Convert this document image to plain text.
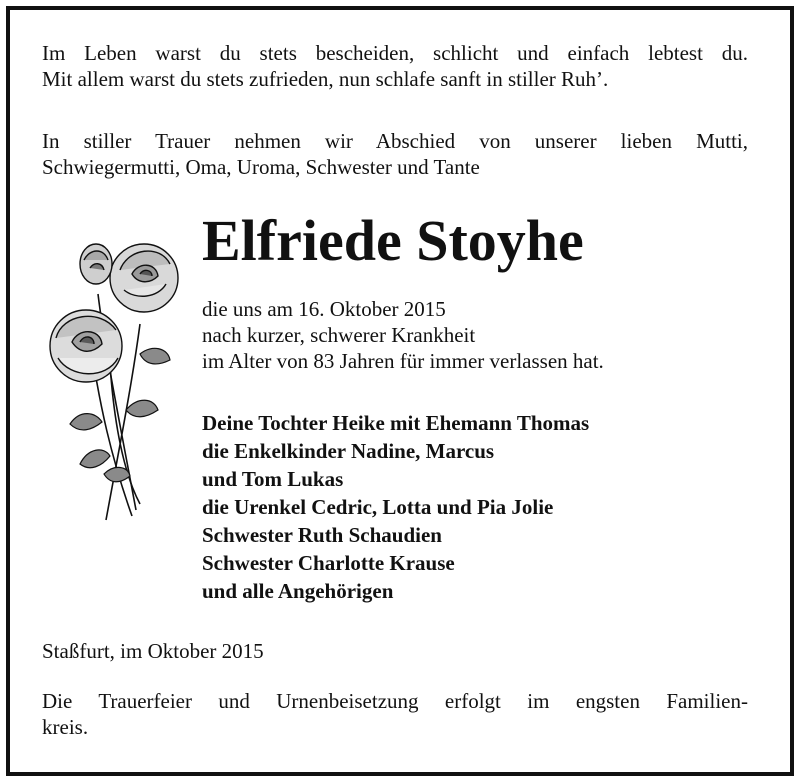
Im Leben warst du stets bescheiden, schlicht und einfach lebtest du.
Mit allem warst du stets zufrieden, nun schlafe sanft in stiller Ruh’.
In stiller Trauer nehmen wir Abschied von unserer lieben Mutti,
Schwiegermutti, Oma, Uroma, Schwester und Tante
Elfriede Stoyhe
die uns am 16. Oktober 2015
nach kurzer, schwerer Krankheit
im Alter von 83 Jahren für immer verlassen hat.
Deine Tochter Heike mit Ehemann Thomas
die Enkelkinder Nadine, Marcus
und Tom Lukas
die Urenkel Cedric, Lotta und Pia Jolie
Schwester Ruth Schaudien
Schwester Charlotte Krause
und alle Angehörigen
Staßfurt, im Oktober 2015
Die Trauerfeier und Urnenbeisetzung erfolgt im engsten Familien-
kreis.
